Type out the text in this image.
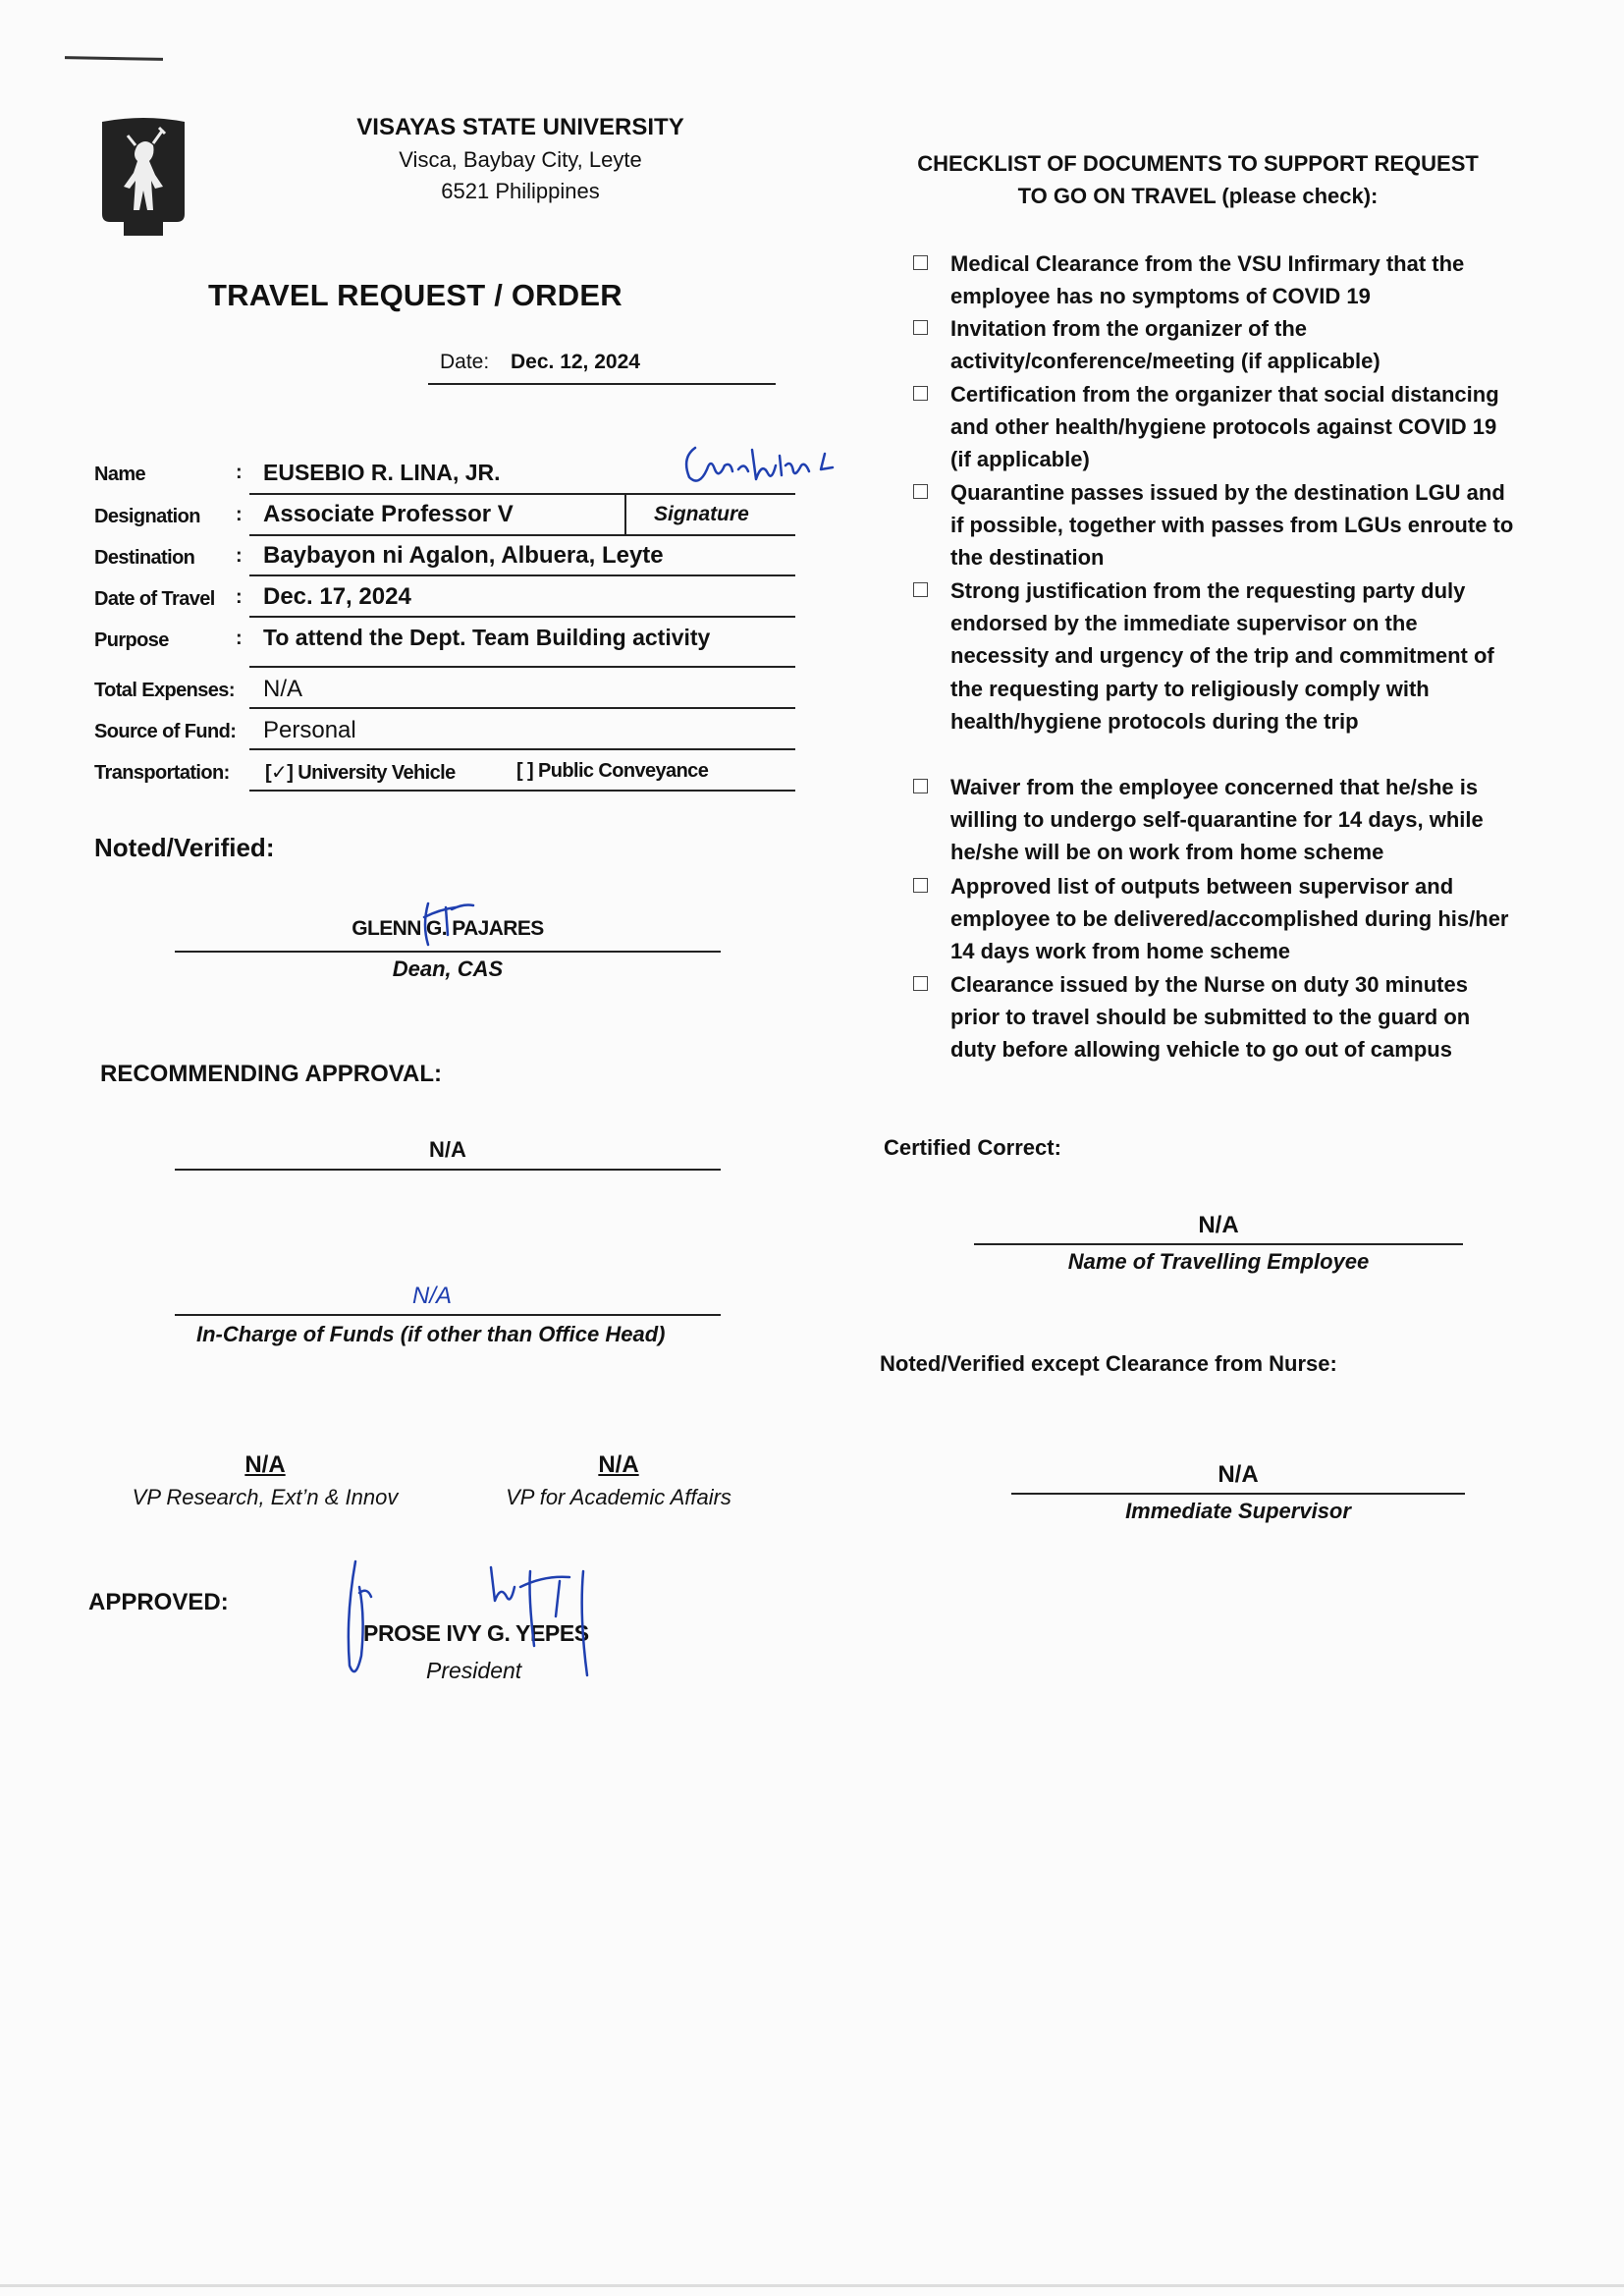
VISAYAS STATE UNIVERSITY
Visca, Baybay City, Leyte
6521 Philippines
TRAVEL REQUEST / ORDER
Date: Dec. 12, 2024
Name	: EUSEBIO R. LINA, JR.
Designation : Associate Professor V	Signature
Destination : Baybayon ni Agalon, Albuera, Leyte
Date of Travel : Dec. 17, 2024
Purpose	: To attend the Dept. Team Building activity
Total Expenses: N/A
Source of Fund: Personal
Transportation: [✓] University Vehicle	[ ] Public Conveyance
Noted/Verified:
GLENN G. PAJARES
Dean, CAS
RECOMMENDING APPROVAL:
N/A
N/A
In-Charge of Funds (if other than Office Head)
N/A
VP Research, Ext’n & Innov
N/A
VP for Academic Affairs
APPROVED:
PROSE IVY G. YEPES
President
CHECKLIST OF DOCUMENTS TO SUPPORT REQUEST
TO GO ON TRAVEL (please check):
Medical Clearance from the VSU Infirmary that the employee has no symptoms of COVID 19
Invitation from the organizer of the activity/conference/meeting (if applicable)
Certification from the organizer that social distancing and other health/hygiene protocols against COVID 19 (if applicable)
Quarantine passes issued by the destination LGU and if possible, together with passes from LGUs enroute to the destination
Strong justification from the requesting party duly endorsed by the immediate supervisor on the necessity and urgency of the trip and commitment of the requesting party to religiously comply with health/hygiene protocols during the trip
Waiver from the employee concerned that he/she is willing to undergo self-quarantine for 14 days, while he/she will be on work from home scheme
Approved list of outputs between supervisor and employee to be delivered/accomplished during his/her 14 days work from home scheme
Clearance issued by the Nurse on duty 30 minutes prior to travel should be submitted to the guard on duty before allowing vehicle to go out of campus
Certified Correct:
N/A
Name of Travelling Employee
Noted/Verified except Clearance from Nurse:
N/A
Immediate Supervisor
